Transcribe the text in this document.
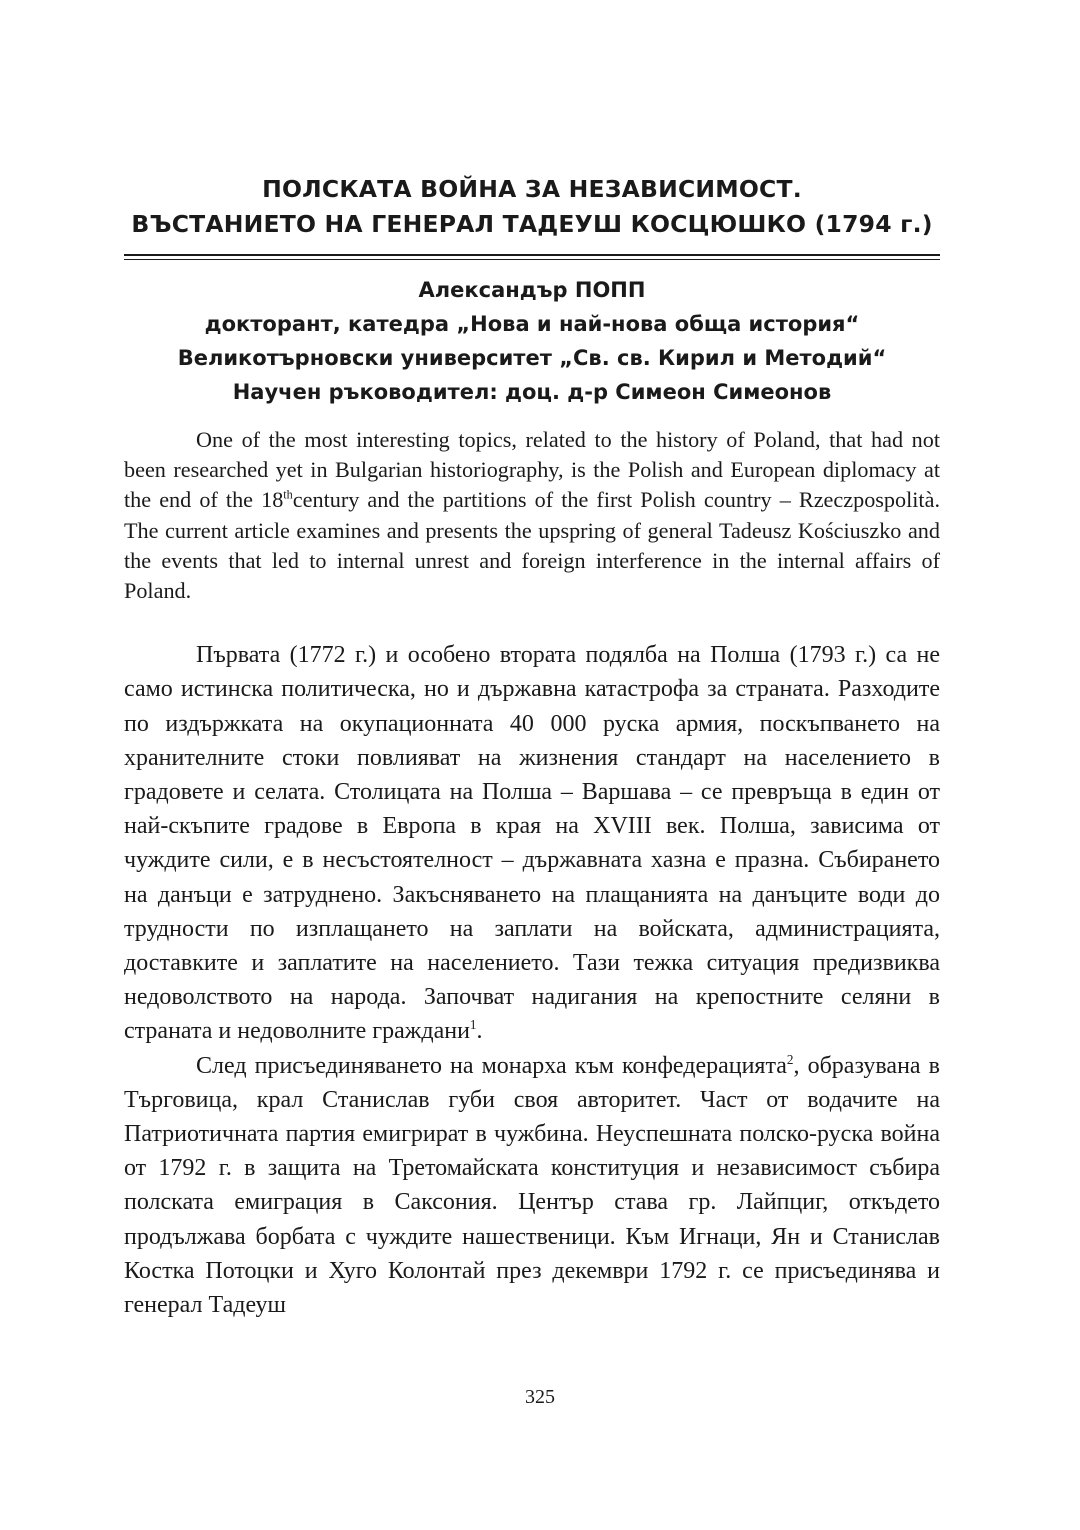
ПОЛСКАТА ВОЙНА ЗА НЕЗАВИСИМОСТ.
ВЪСТАНИЕТО НА ГЕНЕРАЛ ТАДЕУШ КОСЦЮШКО (1794 г.)
Александър ПОПП
докторант, катедра „Нова и най-нова обща история“
Великотърновски университет „Св. св. Кирил и Методий“
Научен ръководител: доц. д-р Симеон Симеонов

One of the most interesting topics, related to the history of Poland, that had not been researched yet in Bulgarian historiography, is the Polish and European diplomacy at the end of the 18thcentury and the partitions of the first Polish country – Rzeczpospolità. The current article examines and presents the upspring of general Tadeusz Kościuszko and the events that led to internal unrest and foreign interference in the internal affairs of Poland.

Първата (1772 г.) и особено втората подялба на Полша (1793 г.) са не само истинска политическа, но и държавна катастрофа за страната. Разходите по издържката на окупационната 40 000 руска армия, поскъпването на хранителните стоки повлияват на жизнения стандарт на населението в градовете и селата. Столицата на Полша – Варшава – се превръща в един от най-скъпите градове в Европа в края на XVIII век. Полша, зависима от чуждите сили, е в несъстоятелност – държавната хазна е празна. Събирането на данъци е затруднено. Закъсняването на плащанията на данъците води до трудности по изплащането на заплати на войската, администрацията, доставките и заплатите на населението. Тази тежка ситуация предизвиква недоволството на народа. Започват надигания на крепостните селяни в страната и недоволните граждани$^1$.

След присъединяването на монарха към конфедерацията$^2$, образувана в Търговица, крал Станислав губи своя авторитет. Част от водачите на Патриотичната партия емигрират в чужбина. Неуспешната полско-руска война от 1792 г. в защита на Третомайската конституция и независимост събира полската емиграция в Саксония. Център става гр. Лайпциг, откъдето продължава борбата с чуждите нашественици. Към Игнаци, Ян и Станислав Костка Потоцки и Хуго Колонтай през декември 1792 г. се присъединява и генерал Тадеуш

325
